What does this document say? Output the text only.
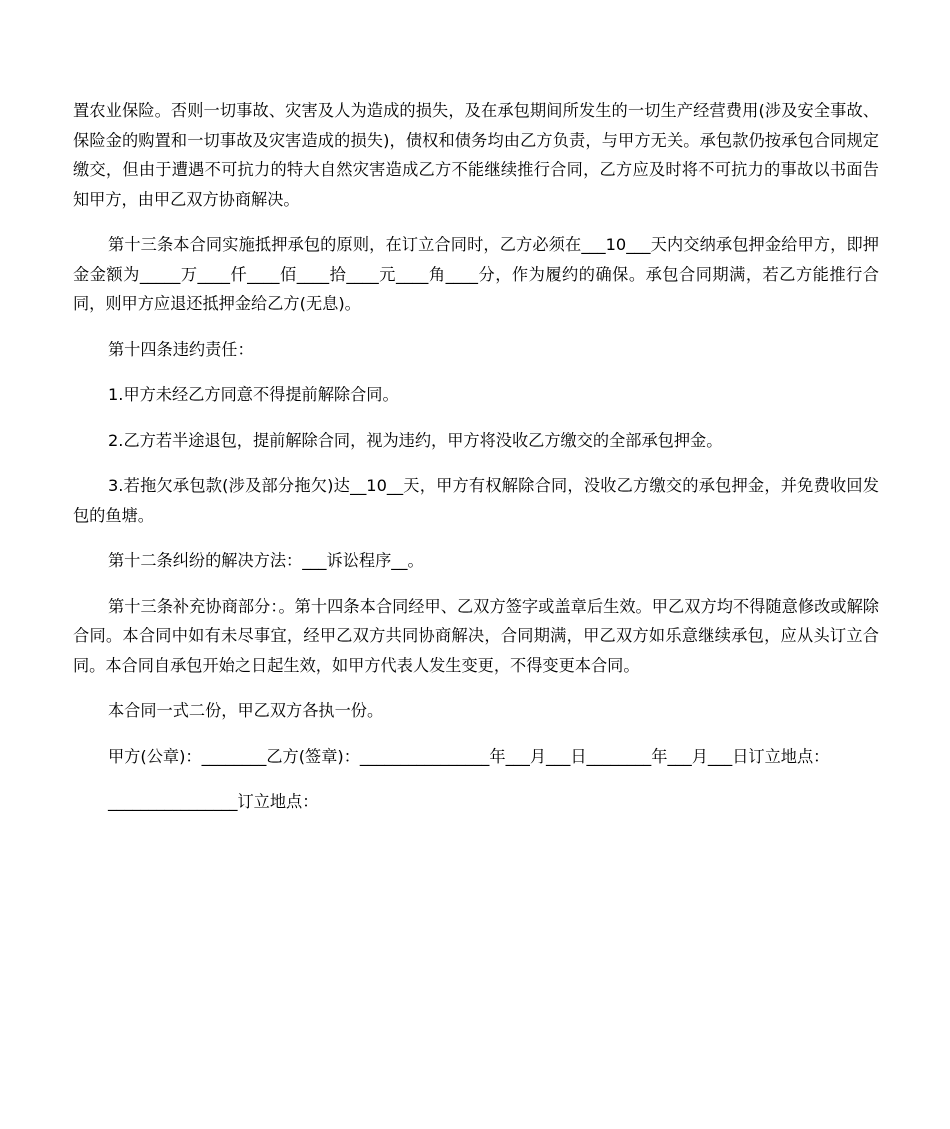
置农业保险。否则一切事故、灾害及人为造成的损失，及在承包期间所发生的一切生产经营费用(涉及安全事故、保险金的购置和一切事故及灾害造成的损失)，债权和债务均由乙方负责，与甲方无关。承包款仍按承包合同规定缴交，但由于遭遇不可抗力的特大自然灾害造成乙方不能继续推行合同，乙方应及时将不可抗力的事故以书面告知甲方，由甲乙双方协商解决。

第十三条本合同实施抵押承包的原则，在订立合同时，乙方必须在___10___天内交纳承包押金给甲方，即押金金额为_____万____仟____佰____拾____元____角____分，作为履约的确保。承包合同期满，若乙方能推行合同，则甲方应退还抵押金给乙方(无息)。

第十四条违约责任：

1.甲方未经乙方同意不得提前解除合同。

2.乙方若半途退包，提前解除合同，视为违约，甲方将没收乙方缴交的全部承包押金。

3.若拖欠承包款(涉及部分拖欠)达__10__天，甲方有权解除合同，没收乙方缴交的承包押金，并免费收回发包的鱼塘。

第十二条纠纷的解决方法：___诉讼程序__。

第十三条补充协商部分：。第十四条本合同经甲、乙双方签字或盖章后生效。甲乙双方均不得随意修改或解除合同。本合同中如有未尽事宜，经甲乙双方共同协商解决，合同期满，甲乙双方如乐意继续承包，应从头订立合同。本合同自承包开始之日起生效，如甲方代表人发生变更，不得变更本合同。

本合同一式二份，甲乙双方各执一份。

甲方(公章)：________乙方(签章)：________________年___月___日________年___月___日订立地点：

________________订立地点：
